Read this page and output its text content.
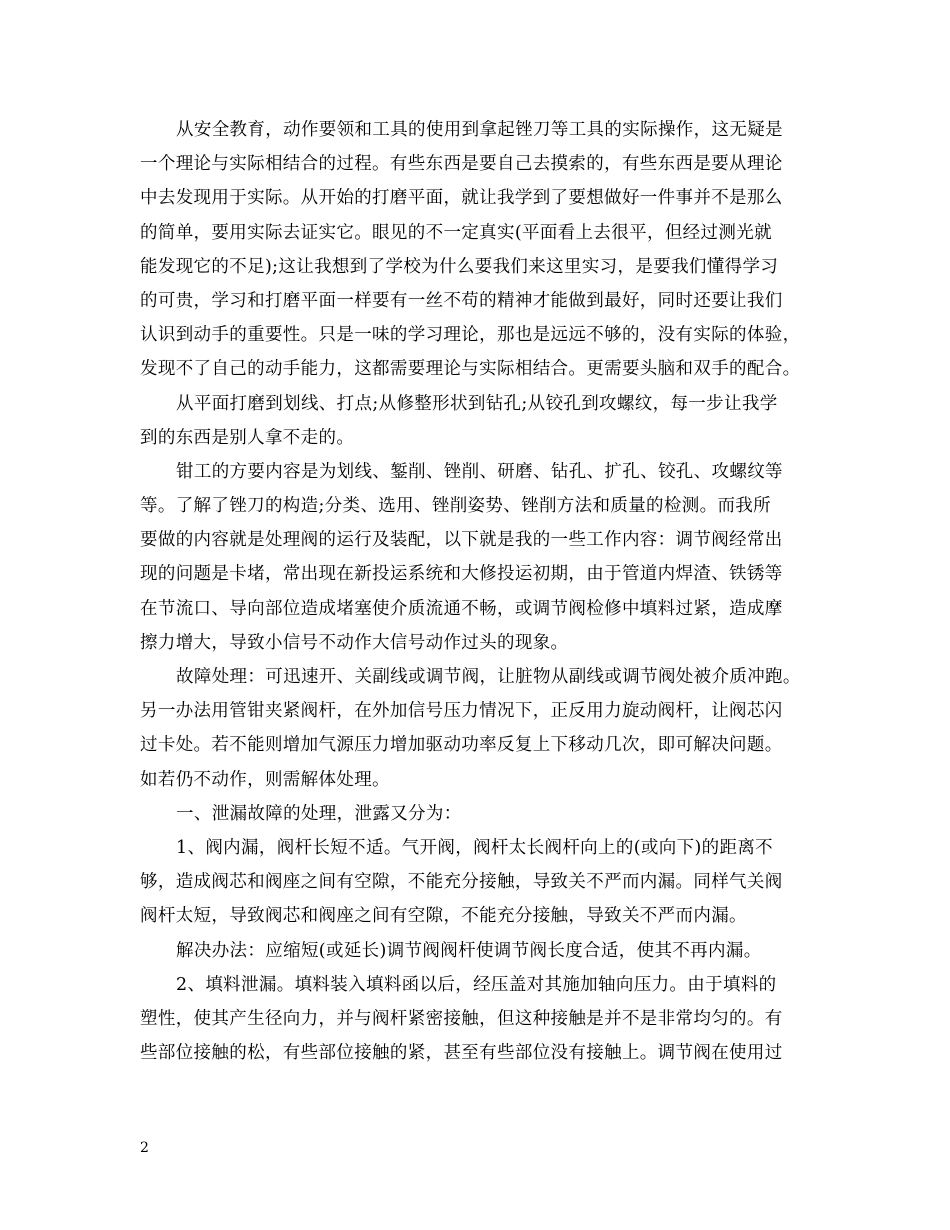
从安全教育，动作要领和工具的使用到拿起锉刀等工具的实际操作，这无疑是
一个理论与实际相结合的过程。有些东西是要自己去摸索的，有些东西是要从理论
中去发现用于实际。从开始的打磨平面，就让我学到了要想做好一件事并不是那么
的简单，要用实际去证实它。眼见的不一定真实(平面看上去很平，但经过测光就
能发现它的不足);这让我想到了学校为什么要我们来这里实习，是要我们懂得学习
的可贵，学习和打磨平面一样要有一丝不苟的精神才能做到最好，同时还要让我们
认识到动手的重要性。只是一味的学习理论，那也是远远不够的，没有实际的体验，
发现不了自己的动手能力，这都需要理论与实际相结合。更需要头脑和双手的配合。
从平面打磨到划线、打点;从修整形状到钻孔;从铰孔到攻螺纹，每一步让我学
到的东西是别人拿不走的。
钳工的方要内容是为划线、錾削、锉削、研磨、钻孔、扩孔、铰孔、攻螺纹等
等。了解了锉刀的构造;分类、选用、锉削姿势、锉削方法和质量的检测。而我所
要做的内容就是处理阀的运行及装配，以下就是我的一些工作内容：调节阀经常出
现的问题是卡堵，常出现在新投运系统和大修投运初期，由于管道内焊渣、铁锈等
在节流口、导向部位造成堵塞使介质流通不畅，或调节阀检修中填料过紧，造成摩
擦力增大，导致小信号不动作大信号动作过头的现象。
故障处理：可迅速开、关副线或调节阀，让脏物从副线或调节阀处被介质冲跑。
另一办法用管钳夹紧阀杆，在外加信号压力情况下，正反用力旋动阀杆，让阀芯闪
过卡处。若不能则增加气源压力增加驱动功率反复上下移动几次，即可解决问题。
如若仍不动作，则需解体处理。
一、泄漏故障的处理，泄露又分为：
1、阀内漏，阀杆长短不适。气开阀，阀杆太长阀杆向上的(或向下)的距离不
够，造成阀芯和阀座之间有空隙，不能充分接触，导致关不严而内漏。同样气关阀
阀杆太短，导致阀芯和阀座之间有空隙，不能充分接触，导致关不严而内漏。
解决办法：应缩短(或延长)调节阀阀杆使调节阀长度合适，使其不再内漏。
2、填料泄漏。填料装入填料函以后，经压盖对其施加轴向压力。由于填料的
塑性，使其产生径向力，并与阀杆紧密接触，但这种接触是并不是非常均匀的。有
些部位接触的松，有些部位接触的紧，甚至有些部位没有接触上。调节阀在使用过
2
